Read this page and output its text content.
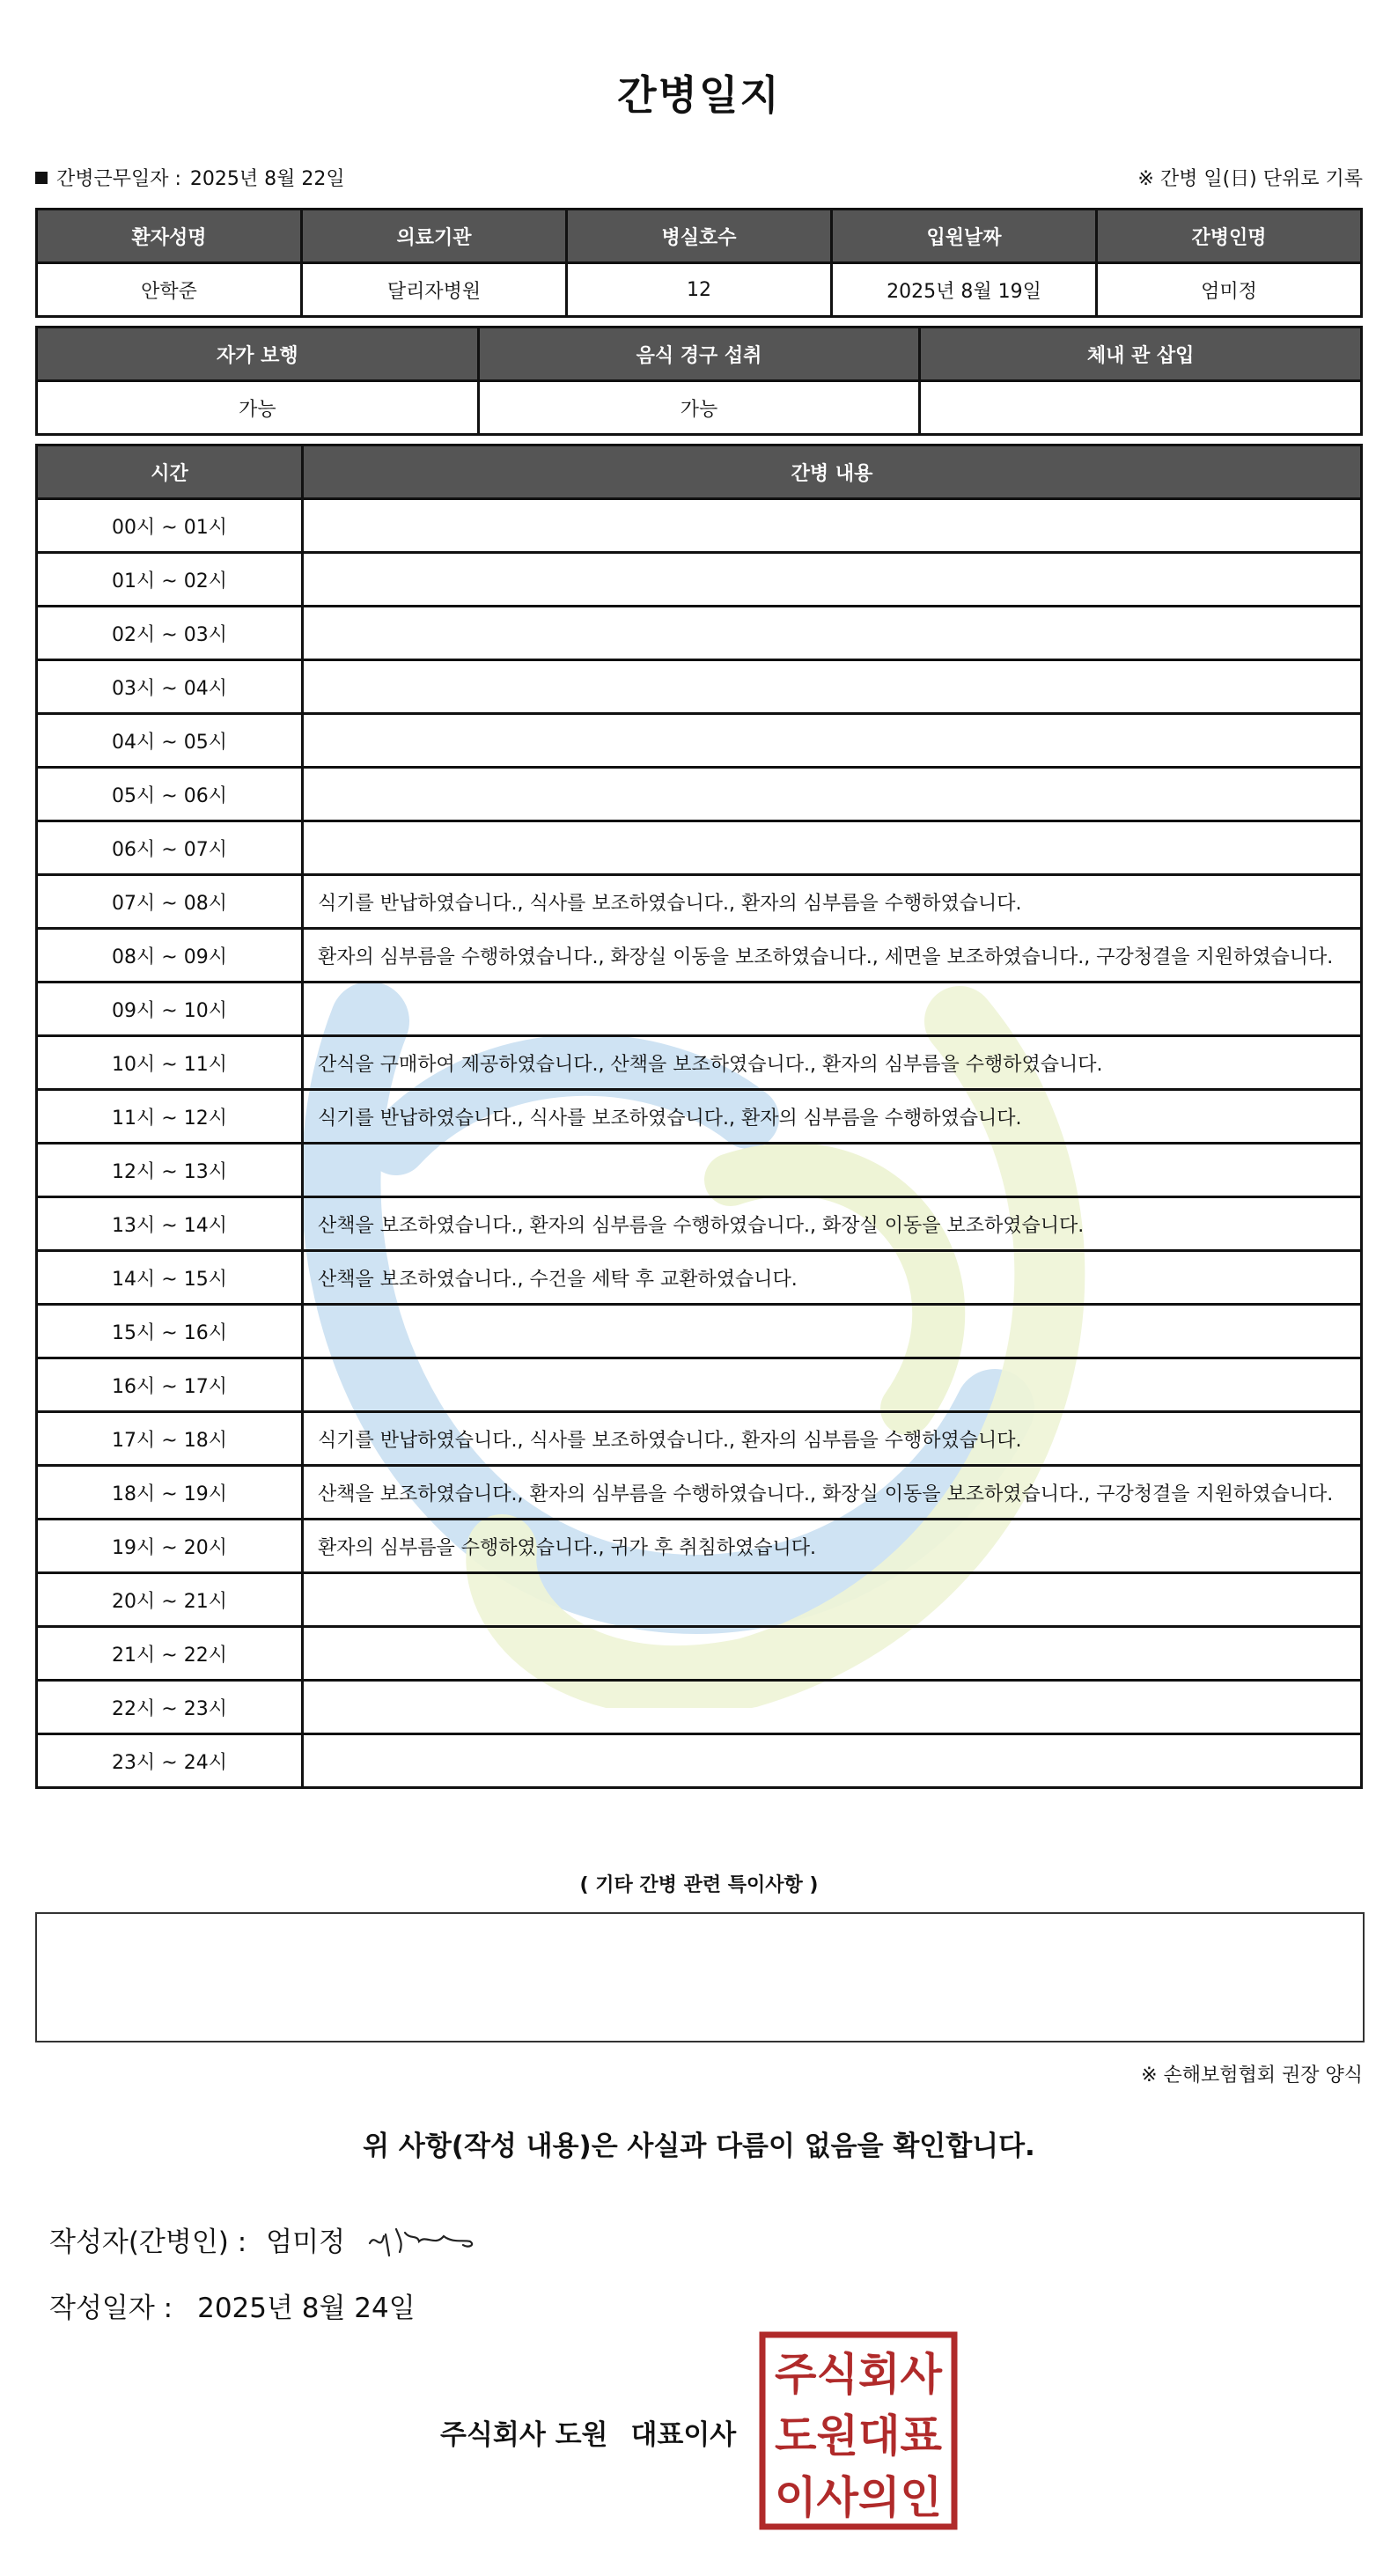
간병일지
간병근무일자 : 2025년 8월 22일	※ 간병 일(日) 단위로 기록
환자성명	의료기관	병실호수	입원날짜	간병인명
안학준	달리자병원	12	2025년 8월 19일	엄미정
자가 보행	음식 경구 섭취	체내 관 삽입
가능	가능	
시간	간병 내용
00시 ~ 01시	
01시 ~ 02시	
02시 ~ 03시	
03시 ~ 04시	
04시 ~ 05시	
05시 ~ 06시	
06시 ~ 07시	
07시 ~ 08시	식기를 반납하였습니다., 식사를 보조하였습니다., 환자의 심부름을 수행하였습니다.
08시 ~ 09시	환자의 심부름을 수행하였습니다., 화장실 이동을 보조하였습니다., 세면을 보조하였습니다., 구강청결을 지원하였습니다.
09시 ~ 10시	
10시 ~ 11시	간식을 구매하여 제공하였습니다., 산책을 보조하였습니다., 환자의 심부름을 수행하였습니다.
11시 ~ 12시	식기를 반납하였습니다., 식사를 보조하였습니다., 환자의 심부름을 수행하였습니다.
12시 ~ 13시	
13시 ~ 14시	산책을 보조하였습니다., 환자의 심부름을 수행하였습니다., 화장실 이동을 보조하였습니다.
14시 ~ 15시	산책을 보조하였습니다., 수건을 세탁 후 교환하였습니다.
15시 ~ 16시	
16시 ~ 17시	
17시 ~ 18시	식기를 반납하였습니다., 식사를 보조하였습니다., 환자의 심부름을 수행하였습니다.
18시 ~ 19시	산책을 보조하였습니다., 환자의 심부름을 수행하였습니다., 화장실 이동을 보조하였습니다., 구강청결을 지원하였습니다.
19시 ~ 20시	환자의 심부름을 수행하였습니다., 귀가 후 취침하였습니다.
20시 ~ 21시	
21시 ~ 22시	
22시 ~ 23시	
23시 ~ 24시	
( 기타 간병 관련 특이사항 )
※ 손해보험협회 권장 양식
위 사항(작성 내용)은 사실과 다름이 없음을 확인합니다.
작성자(간병인) : 엄미정
작성일자 : 2025년 8월 24일
주식회사 도원 대표이사
주식회사
도원대표
이사의인
